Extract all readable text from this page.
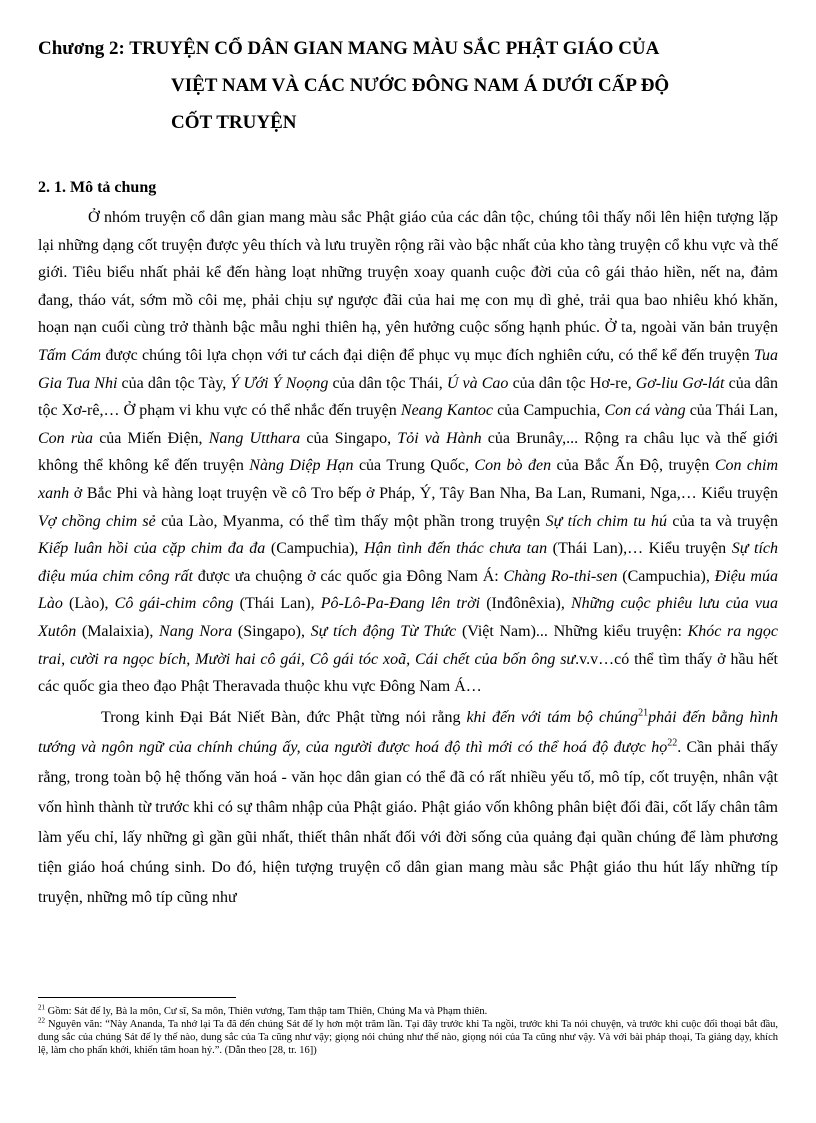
Chương 2: TRUYỆN CỔ DÂN GIAN MANG MÀU SẮC PHẬT GIÁO CỦA
VIỆT NAM VÀ CÁC NƯỚC ĐÔNG NAM Á DƯỚI CẤP ĐỘ
CỐT TRUYỆN
2. 1. Mô tả chung

Ở nhóm truyện cổ dân gian mang màu sắc Phật giáo của các dân tộc, chúng tôi thấy nổi lên hiện tượng lặp lại những dạng cốt truyện được yêu thích và lưu truyền rộng rãi vào bậc nhất của kho tàng truyện cổ khu vực và thế giới. Tiêu biểu nhất phải kể đến hàng loạt những truyện xoay quanh cuộc đời của cô gái thảo hiền, nết na, đảm đang, tháo vát, sớm mồ côi mẹ, phải chịu sự ngược đãi của hai mẹ con mụ dì ghẻ, trải qua bao nhiêu khó khăn, hoạn nạn cuối cùng trở thành bậc mẫu nghi thiên hạ, yên hưởng cuộc sống hạnh phúc. Ở ta, ngoài văn bản truyện Tấm Cám được chúng tôi lựa chọn với tư cách đại diện để phục vụ mục đích nghiên cứu, có thể kể đến truyện Tua Gia Tua Nhi của dân tộc Tày, Ý Ưới Ý Noọng của dân tộc Thái, Ú và Cao của dân tộc Hơ-re, Gơ-liu Gơ-lát của dân tộc Xơ-rê,… Ở phạm vi khu vực có thể nhắc đến truyện Neang Kantoc của Campuchia, Con cá vàng của Thái Lan, Con rùa của Miến Điện, Nang Utthara của Singapo, Tỏi và Hành của Brunây,... Rộng ra châu lục và thế giới không thể không kể đến truyện Nàng Diệp Hạn của Trung Quốc, Con bò đen của Bắc Ấn Độ, truyện Con chim xanh ở Bắc Phi và hàng loạt truyện về cô Tro bếp ở Pháp, Ý, Tây Ban Nha, Ba Lan, Rumani, Nga,… Kiểu truyện Vợ chồng chim sẻ của Lào, Myanma, có thể tìm thấy một phần trong truyện Sự tích chim tu hú của ta và truyện Kiếp luân hồi của cặp chim đa đa (Campuchia), Hận tình đến thác chưa tan (Thái Lan),… Kiểu truyện Sự tích điệu múa chim công rất được ưa chuộng ở các quốc gia Đông Nam Á: Chàng Ro-thi-sen (Campuchia), Điệu múa Lào (Lào), Cô gái-chim công (Thái Lan), Pô-Lô-Pa-Đang lên trời (Inđônêxia), Những cuộc phiêu lưu của vua Xutôn (Malaixia), Nang Nora (Singapo), Sự tích động Từ Thức (Việt Nam)... Những kiểu truyện: Khóc ra ngọc trai, cười ra ngọc bích, Mười hai cô gái, Cô gái tóc xoã, Cái chết của bốn ông sư.v.v…có thể tìm thấy ở hầu hết các quốc gia theo đạo Phật Theravada thuộc khu vực Đông Nam Á…

Trong kinh Đại Bát Niết Bàn, đức Phật từng nói rằng khi đến với tám bộ chúng$^{21}$phải đến bằng hình tướng và ngôn ngữ của chính chúng ấy, của người được hoá độ thì mới có thể hoá độ được họ$^{22}$. Cần phải thấy rằng, trong toàn bộ hệ thống văn hoá - văn học dân gian có thể đã có rất nhiều yếu tố, mô típ, cốt truyện, nhân vật vốn hình thành từ trước khi có sự thâm nhập của Phật giáo. Phật giáo vốn không phân biệt đối đãi, cốt lấy chân tâm làm yếu chỉ, lấy những gì gần gũi nhất, thiết thân nhất đối với đời sống của quảng đại quần chúng để làm phương tiện giáo hoá chúng sinh. Do đó, hiện tượng truyện cổ dân gian mang màu sắc Phật giáo thu hút lấy những típ truyện, những mô típ cũng như

$^{21}$ Gồm: Sát đế ly, Bà la môn, Cư sĩ, Sa môn, Thiên vương, Tam thập tam Thiên, Chúng Ma và Phạm thiên.

$^{22}$ Nguyên văn: “Này Ananda, Ta nhớ lại Ta đã đến chúng Sát đế ly hơn một trăm lần. Tại đây trước khi Ta ngồi, trước khi Ta nói chuyện, và trước khi cuộc đối thoại bắt đầu, dung sắc của chúng Sát đế ly thế nào, dung sắc của Ta cũng như vậy; giọng nói chúng như thế nào, giọng nói của Ta cũng như vậy. Và với bài pháp thoại, Ta giảng dạy, khích lệ, làm cho phấn khởi, khiến tâm hoan hỷ.”. (Dẫn theo [28, tr. 16])
